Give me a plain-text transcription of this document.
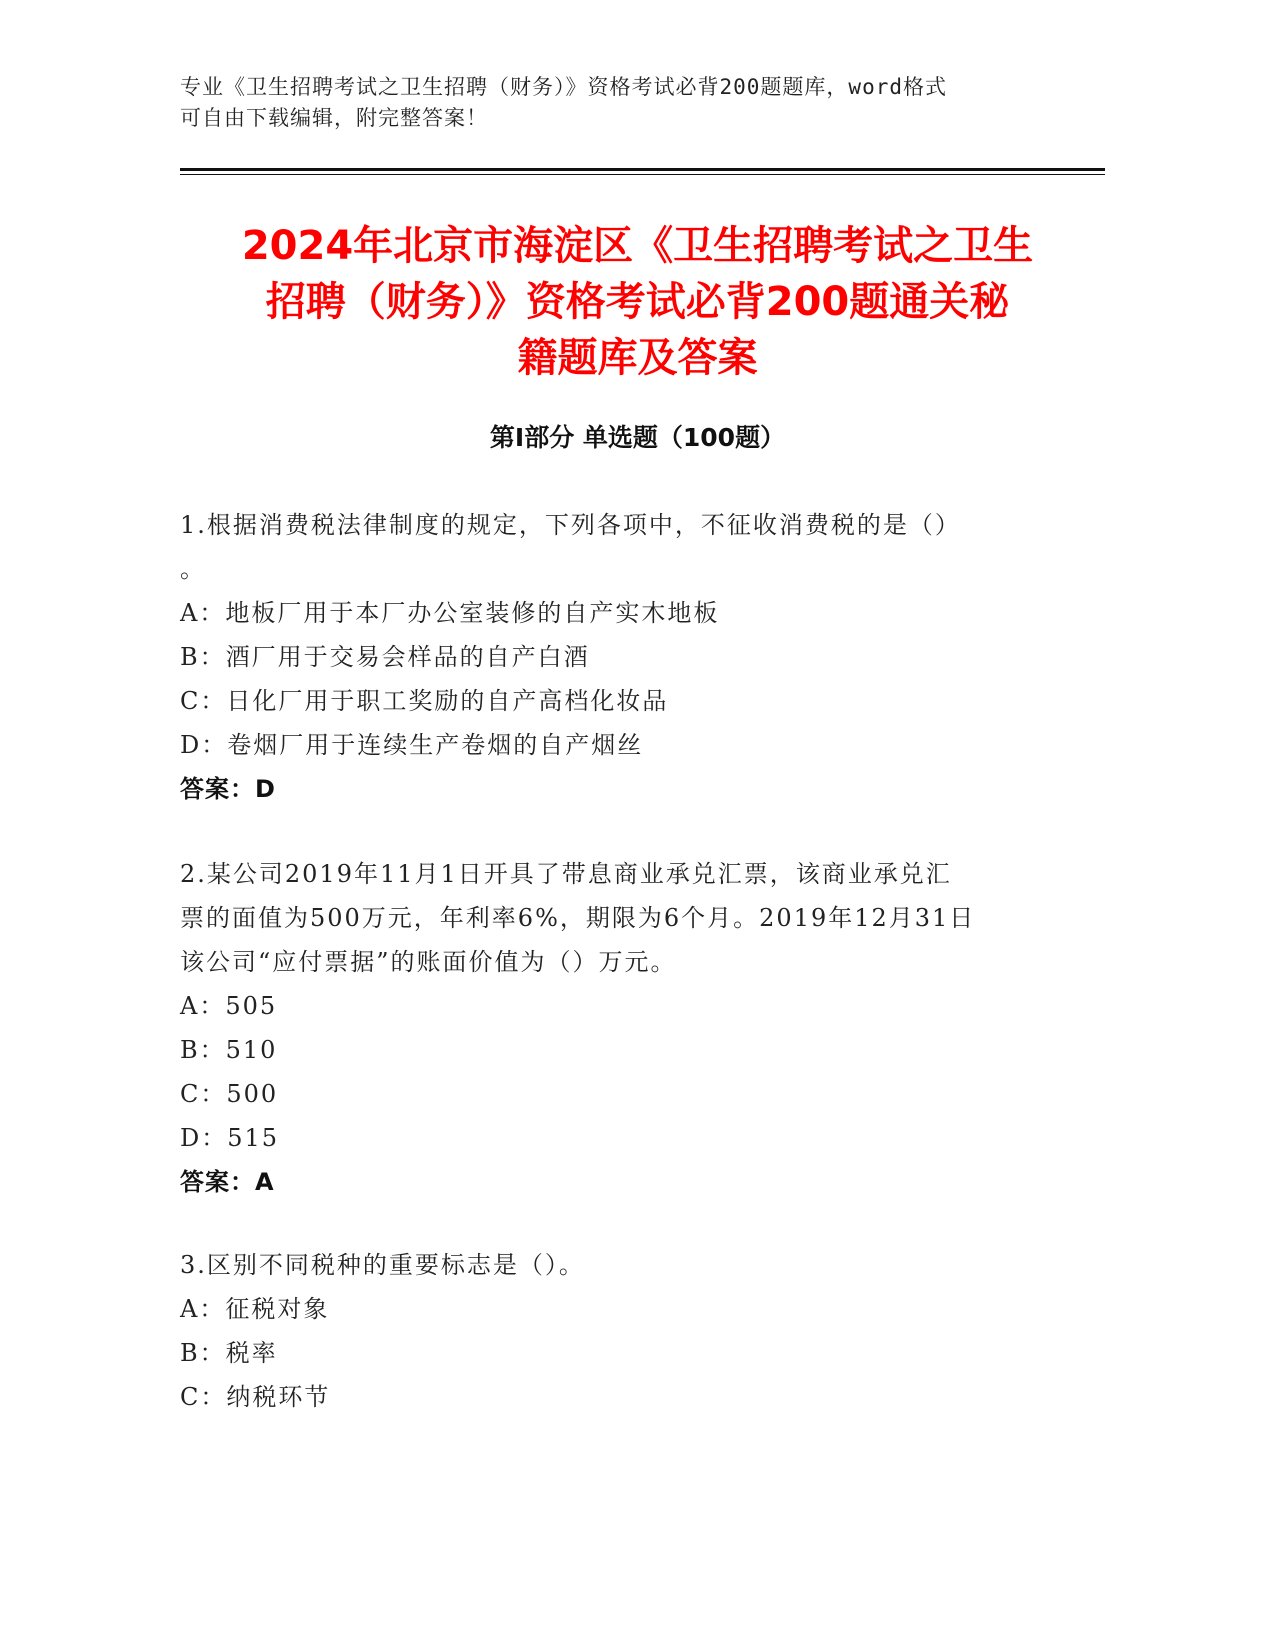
专业《卫生招聘考试之卫生招聘（财务）》资格考试必背200题题库，word格式
可自由下载编辑，附完整答案！
2024年北京市海淀区《卫生招聘考试之卫生
招聘（财务）》资格考试必背200题通关秘
籍题库及答案
第Ⅰ部分 单选题（100题）
1.根据消费税法律制度的规定，下列各项中，不征收消费税的是（）
。
A：地板厂用于本厂办公室装修的自产实木地板
B：酒厂用于交易会样品的自产白酒
C：日化厂用于职工奖励的自产高档化妆品
D：卷烟厂用于连续生产卷烟的自产烟丝
答案：D
2.某公司2019年11月1日开具了带息商业承兑汇票，该商业承兑汇
票的面值为500万元，年利率6%，期限为6个月。2019年12月31日
该公司“应付票据”的账面价值为（）万元。
A：505
B：510
C：500
D：515
答案：A
3.区别不同税种的重要标志是（）。
A：征税对象
B：税率
C：纳税环节
